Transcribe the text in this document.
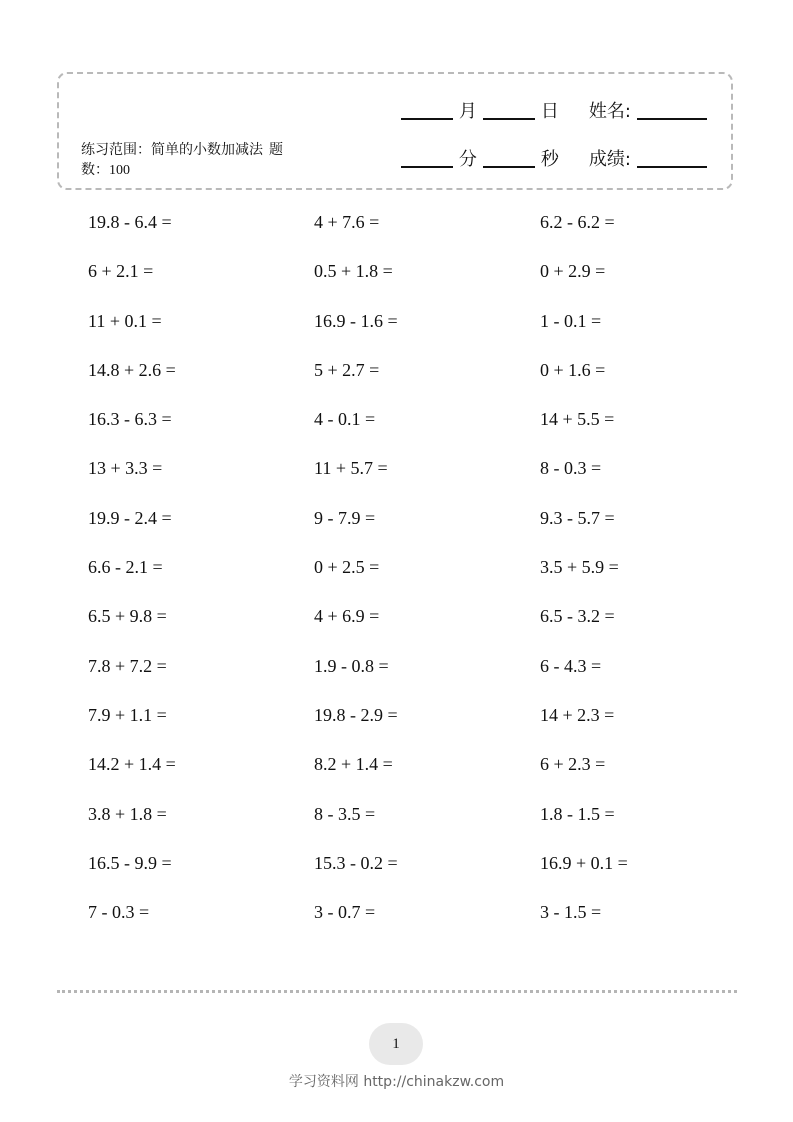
练习范围：简单的小数加减法 题数：100
月	日 姓名:
分	秒 成绩:
19.8 - 6.4 =	4 + 7.6 =	6.2 - 6.2 =
6 + 2.1 =	0.5 + 1.8 =	0 + 2.9 =
11 + 0.1 =	16.9 - 1.6 =	1 - 0.1 =
14.8 + 2.6 =	5 + 2.7 =	0 + 1.6 =
16.3 - 6.3 =	4 - 0.1 =	14 + 5.5 =
13 + 3.3 =	11 + 5.7 =	8 - 0.3 =
19.9 - 2.4 =	9 - 7.9 =	9.3 - 5.7 =
6.6 - 2.1 =	0 + 2.5 =	3.5 + 5.9 =
6.5 + 9.8 =	4 + 6.9 =	6.5 - 3.2 =
7.8 + 7.2 =	1.9 - 0.8 =	6 - 4.3 =
7.9 + 1.1 =	19.8 - 2.9 =	14 + 2.3 =
14.2 + 1.4 =	8.2 + 1.4 =	6 + 2.3 =
3.8 + 1.8 =	8 - 3.5 =	1.8 - 1.5 =
16.5 - 9.9 =	15.3 - 0.2 =	16.9 + 0.1 =
7 - 0.3 =	3 - 0.7 =	3 - 1.5 =
1
学习资料网 http://chinakzw.com
